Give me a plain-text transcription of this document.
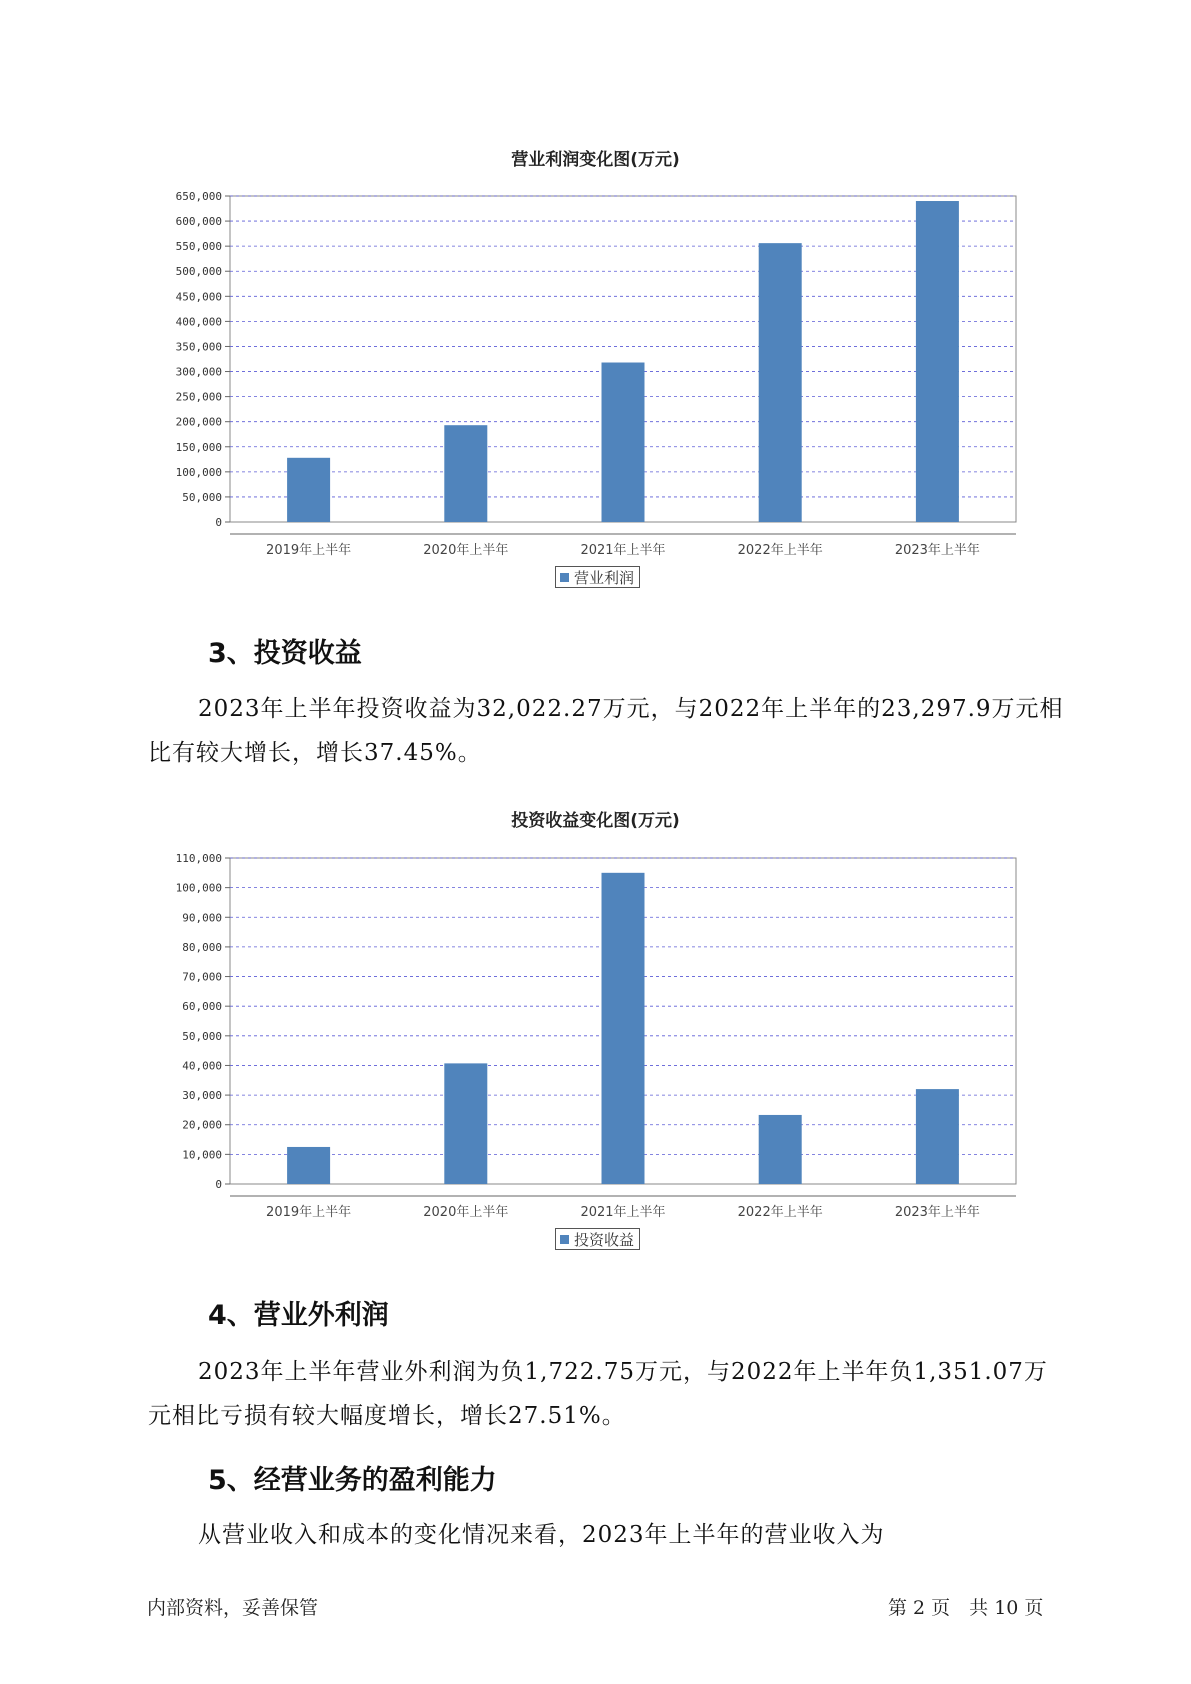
营业利润变化图(万元)
0
50,000
100,000
150,000
200,000
250,000
300,000
350,000
400,000
450,000
500,000
550,000
600,000
650,000
2019年上半年	2020年上半年	2021年上半年	2022年上半年	2023年上半年
营业利润
3、投资收益

2023年上半年投资收益为32,022.27万元，与2022年上半年的23,297.9万元相比有较大增长，增长37.45%。

投资收益变化图(万元)
0
10,000
20,000
30,000
40,000
50,000
60,000
70,000
80,000
90,000
100,000
110,000
2019年上半年	2020年上半年	2021年上半年	2022年上半年	2023年上半年
投资收益
4、营业外利润

2023年上半年营业外利润为负1,722.75万元，与2022年上半年负1,351.07万元相比亏损有较大幅度增长，增长27.51%。

5、经营业务的盈利能力

从营业收入和成本的变化情况来看，2023年上半年的营业收入为

内部资料，妥善保管	第 2 页　共 10 页
